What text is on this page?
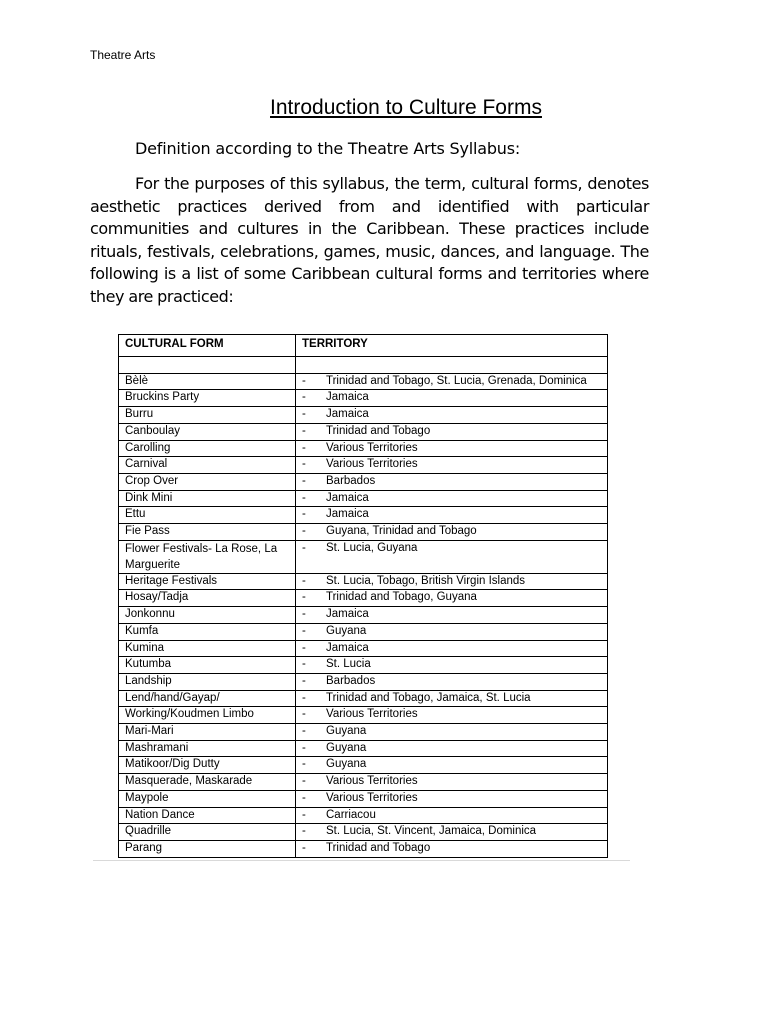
Theatre Arts
Introduction to Culture Forms
Definition according to the Theatre Arts Syllabus:

For the purposes of this syllabus, the term, cultural forms, denotes aesthetic practices derived from and identified with particular communities and cultures in the Caribbean. These practices include rituals, festivals, celebrations, games, music, dances, and language. The following is a list of some Caribbean cultural forms and territories where they are practiced:

CULTURAL FORM	TERRITORY

Bèlè	- Trinidad and Tobago, St. Lucia, Grenada, Dominica
Bruckins Party	- Jamaica
Burru	- Jamaica
Canboulay	- Trinidad and Tobago
Carolling	- Various Territories
Carnival	- Various Territories
Crop Over	- Barbados
Dink Mini	- Jamaica
Ettu	- Jamaica
Fie Pass	- Guyana, Trinidad and Tobago
Flower Festivals- La Rose, La Marguerite	- St. Lucia, Guyana
Heritage Festivals	- St. Lucia, Tobago, British Virgin Islands
Hosay/Tadja	- Trinidad and Tobago, Guyana
Jonkonnu	- Jamaica
Kumfa	- Guyana
Kumina	- Jamaica
Kutumba	- St. Lucia
Landship	- Barbados
Lend/hand/Gayap/	- Trinidad and Tobago, Jamaica, St. Lucia
Working/Koudmen Limbo	- Various Territories
Mari-Mari	- Guyana
Mashramani	- Guyana
Matikoor/Dig Dutty	- Guyana
Masquerade, Maskarade	- Various Territories
Maypole	- Various Territories
Nation Dance	- Carriacou
Quadrille	- St. Lucia, St. Vincent, Jamaica, Dominica
Parang	- Trinidad and Tobago
